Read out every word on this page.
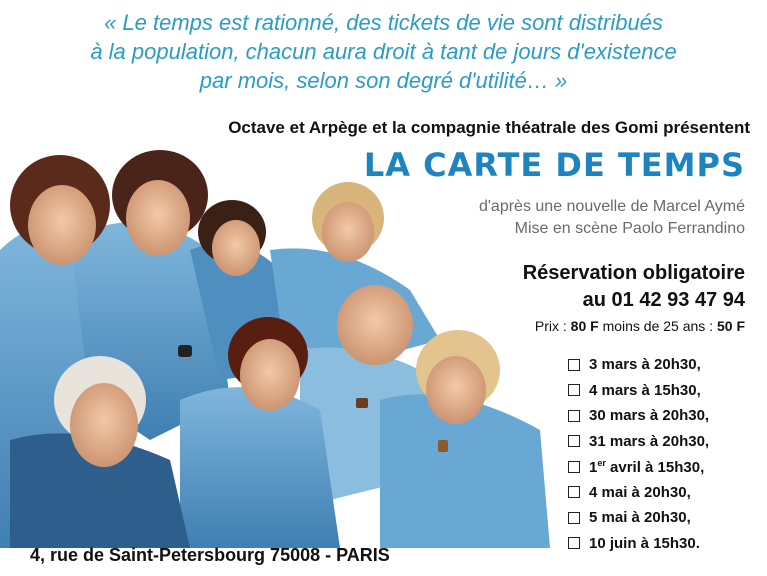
« Le temps est rationné, des tickets de vie sont distribués
à la population, chacun aura droit à tant de jours d'existence
par mois, selon son degré d'utilité… »
Octave et Arpège et la compagnie théatrale des Gomi présentent
LA CARTE DE TEMPS
d'après une nouvelle de Marcel Aymé
Mise en scène Paolo Ferrandino
Réservation obligatoire
au 01 42 93 47 94
Prix : 80 F moins de 25 ans : 50 F
3 mars à 20h30,
4 mars à 15h30,
30 mars à 20h30,
31 mars à 20h30,
1er avril à 15h30,
4 mai à 20h30,
5 mai à 20h30,
10 juin à 15h30.
4, rue de Saint-Petersbourg 75008 - PARIS
